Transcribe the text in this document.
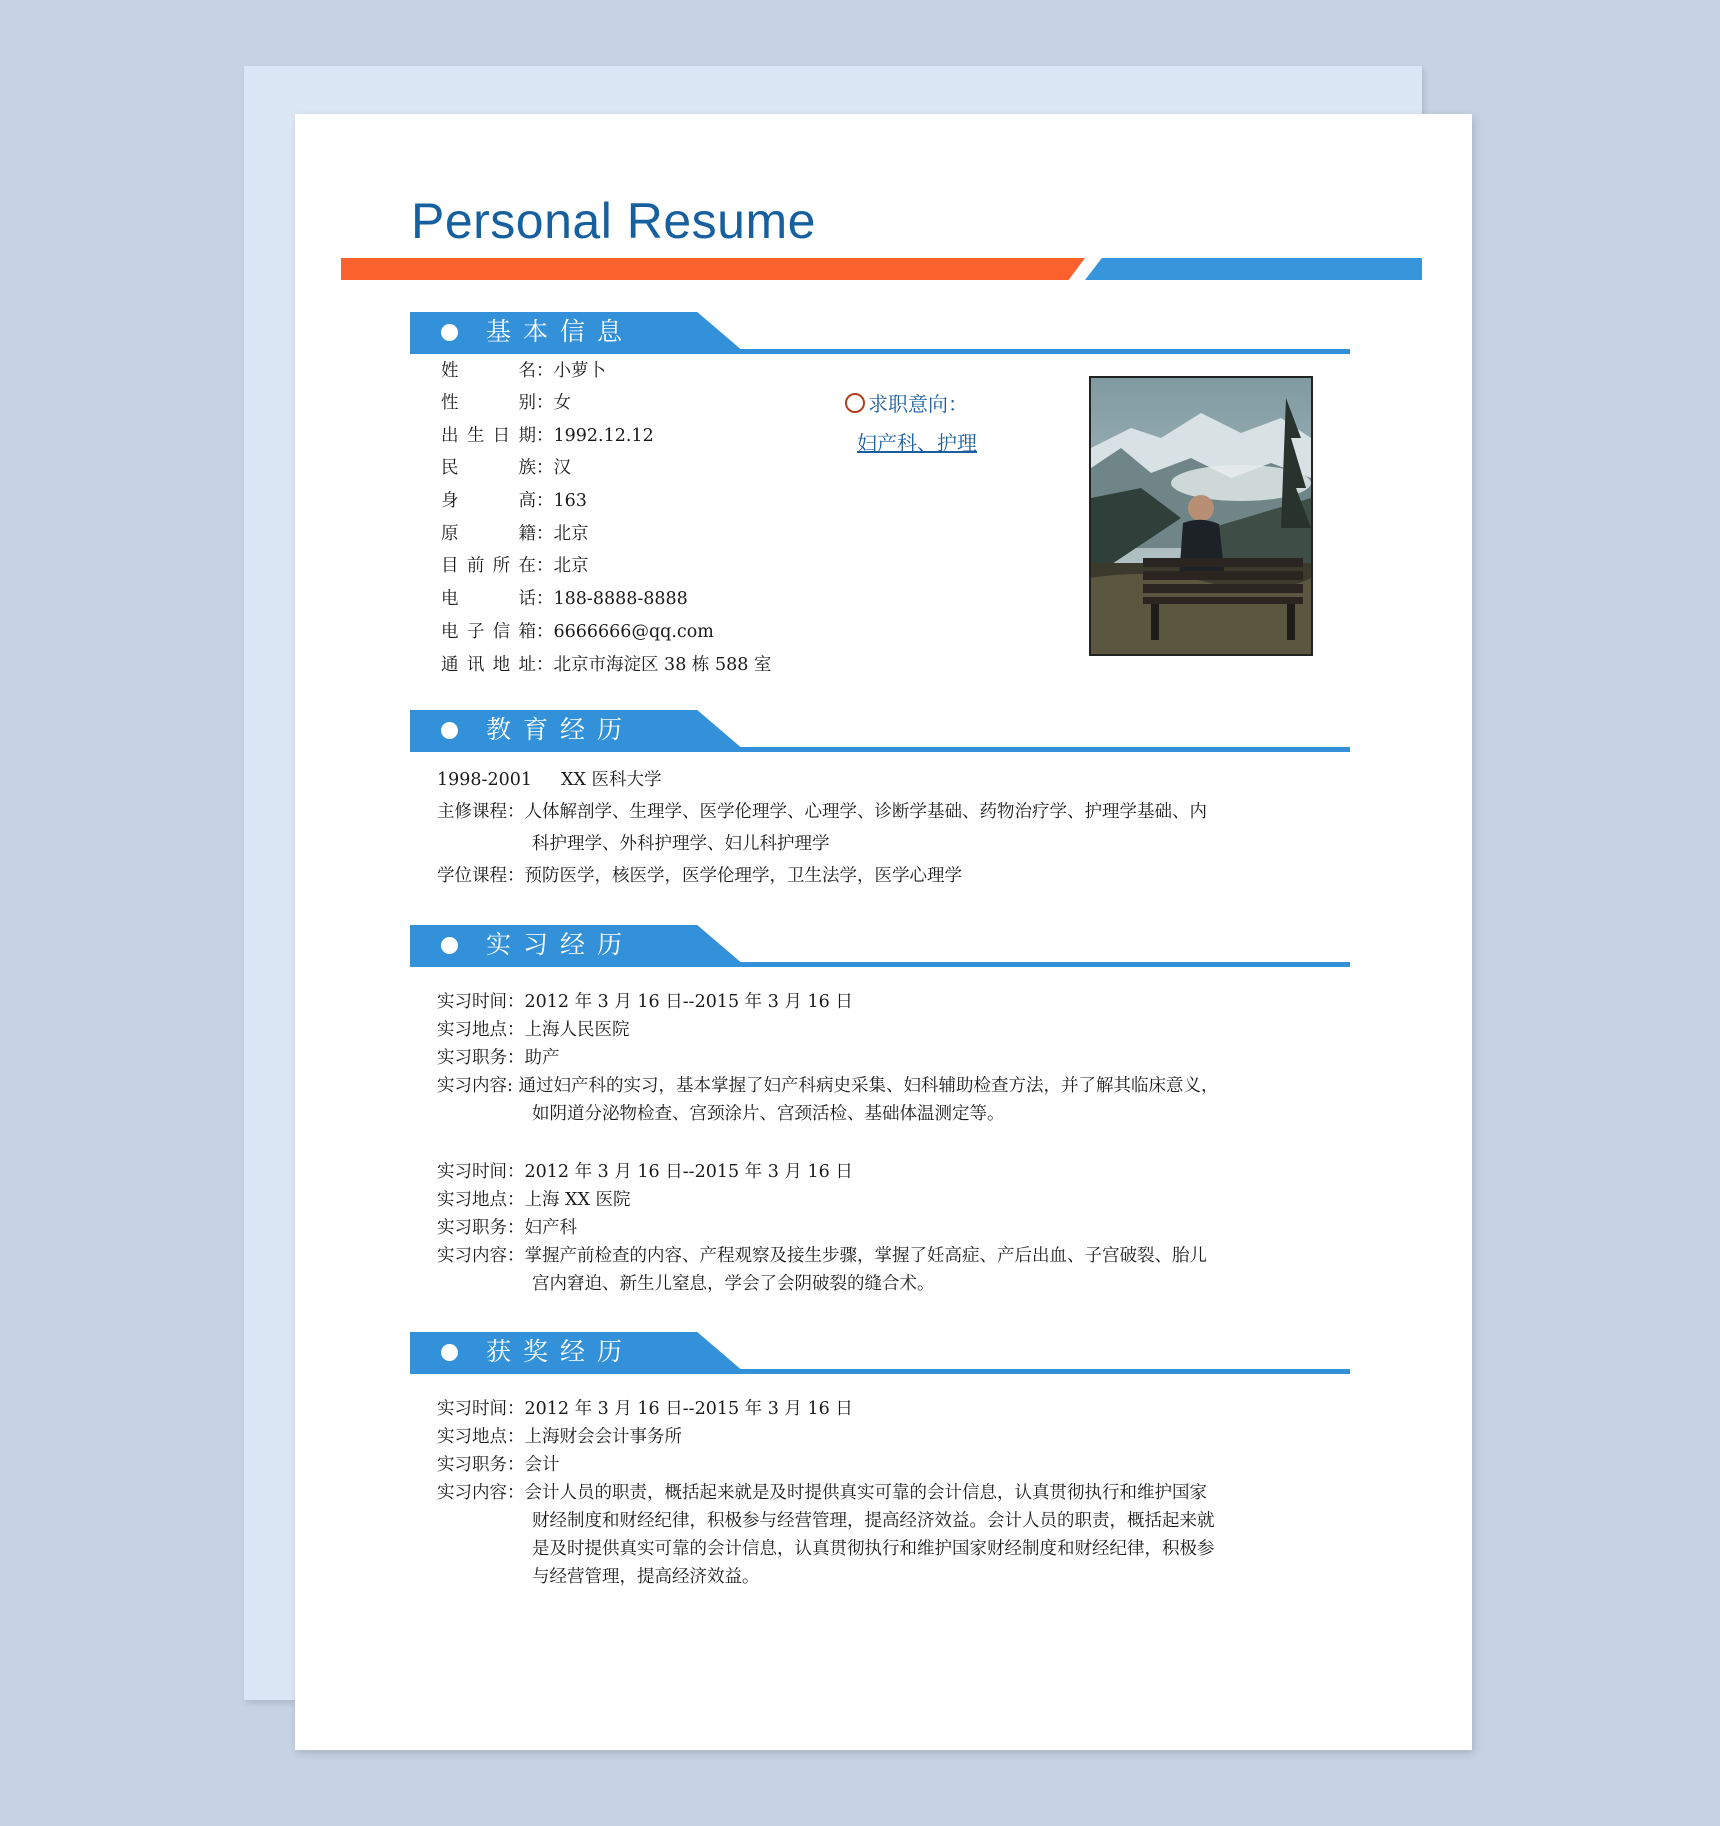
Personal Resume
基本信息
姓名：小萝卜
性别：女
出生日期：1992.12.12
民族：汉
身高：163
原籍：北京
目前所在：北京
电话：188-8888-8888
电子信箱：6666666@qq.com
通讯地址：北京市海淀区 38 栋 588 室
求职意向：
妇产科、护理
教育经历
1998-2001 XX 医科大学
主修课程：人体解剖学、生理学、医学伦理学、心理学、诊断学基础、药物治疗学、护理学基础、内
科护理学、外科护理学、妇儿科护理学
学位课程：预防医学，核医学，医学伦理学，卫生法学，医学心理学
实习经历
实习时间：2012 年 3 月 16 日--2015 年 3 月 16 日
实习地点：上海人民医院
实习职务：助产
实习内容: 通过妇产科的实习，基本掌握了妇产科病史采集、妇科辅助检查方法，并了解其临床意义，
如阴道分泌物检查、宫颈涂片、宫颈活检、基础体温测定等。
实习时间：2012 年 3 月 16 日--2015 年 3 月 16 日
实习地点：上海 XX 医院
实习职务：妇产科
实习内容：掌握产前检查的内容、产程观察及接生步骤，掌握了妊高症、产后出血、子宫破裂、胎儿
宫内窘迫、新生儿窒息，学会了会阴破裂的缝合术。
获奖经历
实习时间：2012 年 3 月 16 日--2015 年 3 月 16 日
实习地点：上海财会会计事务所
实习职务：会计
实习内容：会计人员的职责，概括起来就是及时提供真实可靠的会计信息，认真贯彻执行和维护国家
财经制度和财经纪律，积极参与经营管理，提高经济效益。会计人员的职责，概括起来就
是及时提供真实可靠的会计信息，认真贯彻执行和维护国家财经制度和财经纪律，积极参
与经营管理，提高经济效益。
